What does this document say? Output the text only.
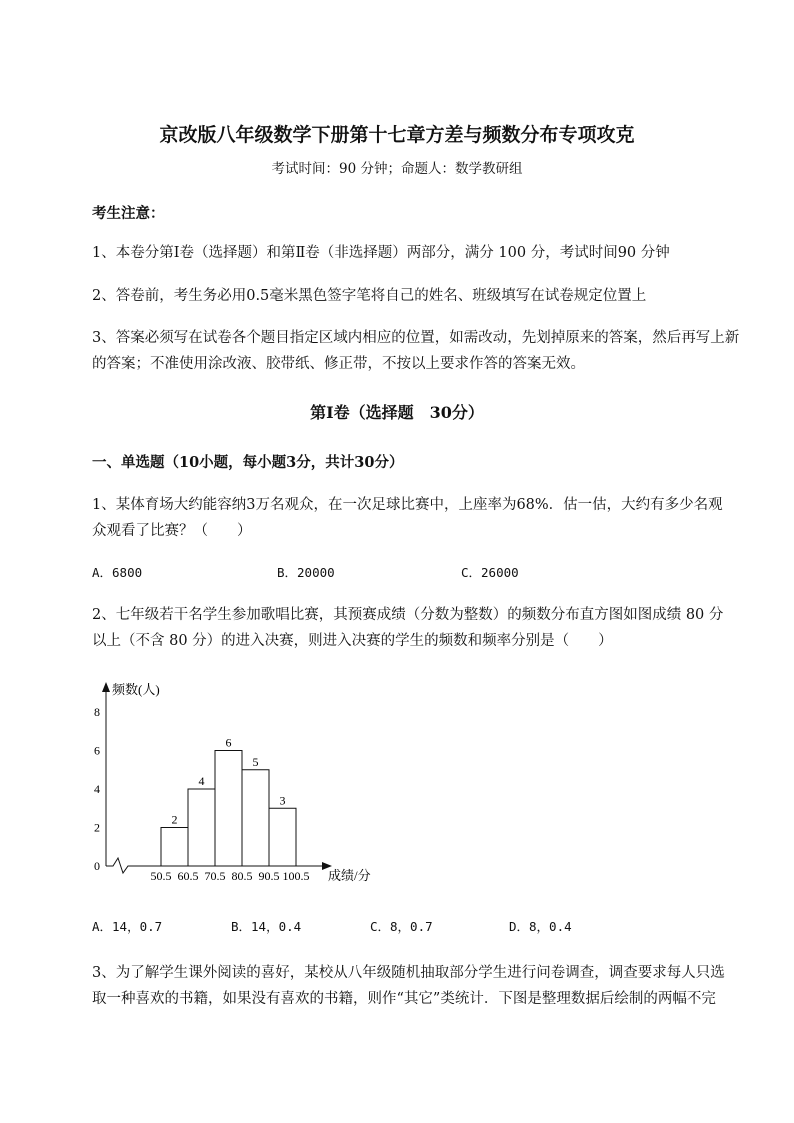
京改版八年级数学下册第十七章方差与频数分布专项攻克
考试时间：90 分钟；命题人：数学教研组
考生注意：
1、本卷分第Ⅰ卷（选择题）和第Ⅱ卷（非选择题）两部分，满分 100 分，考试时间90 分钟
2、答卷前，考生务必用0.5毫米黑色签字笔将自己的姓名、班级填写在试卷规定位置上
3、答案必须写在试卷各个题目指定区域内相应的位置，如需改动，先划掉原来的答案，然后再写上新
的答案；不准使用涂改液、胶带纸、修正带，不按以上要求作答的答案无效。
第Ⅰ卷（选择题　30分）
一、单选题（10小题，每小题3分，共计30分）
1、某体育场大约能容纳3万名观众，在一次足球比赛中，上座率为68%．估一估，大约有多少名观
众观看了比赛？（　　）
A．6800	B．20000	C．26000
2、七年级若干名学生参加歌唱比赛，其预赛成绩（分数为整数）的频数分布直方图如图成绩 80 分
以上（不含 80 分）的进入决赛，则进入决赛的学生的频数和频率分别是（　　）
频数(人)
成绩/分
0
2
4
6
8
2
4
6
5
3
50.5 60.5 70.5 80.5 90.5 100.5
A．14，0.7	B．14，0.4	C．8，0.7	D．8，0.4
3、为了解学生课外阅读的喜好，某校从八年级随机抽取部分学生进行问卷调查，调查要求每人只选
取一种喜欢的书籍，如果没有喜欢的书籍，则作“其它”类统计．下图是整理数据后绘制的两幅不完
